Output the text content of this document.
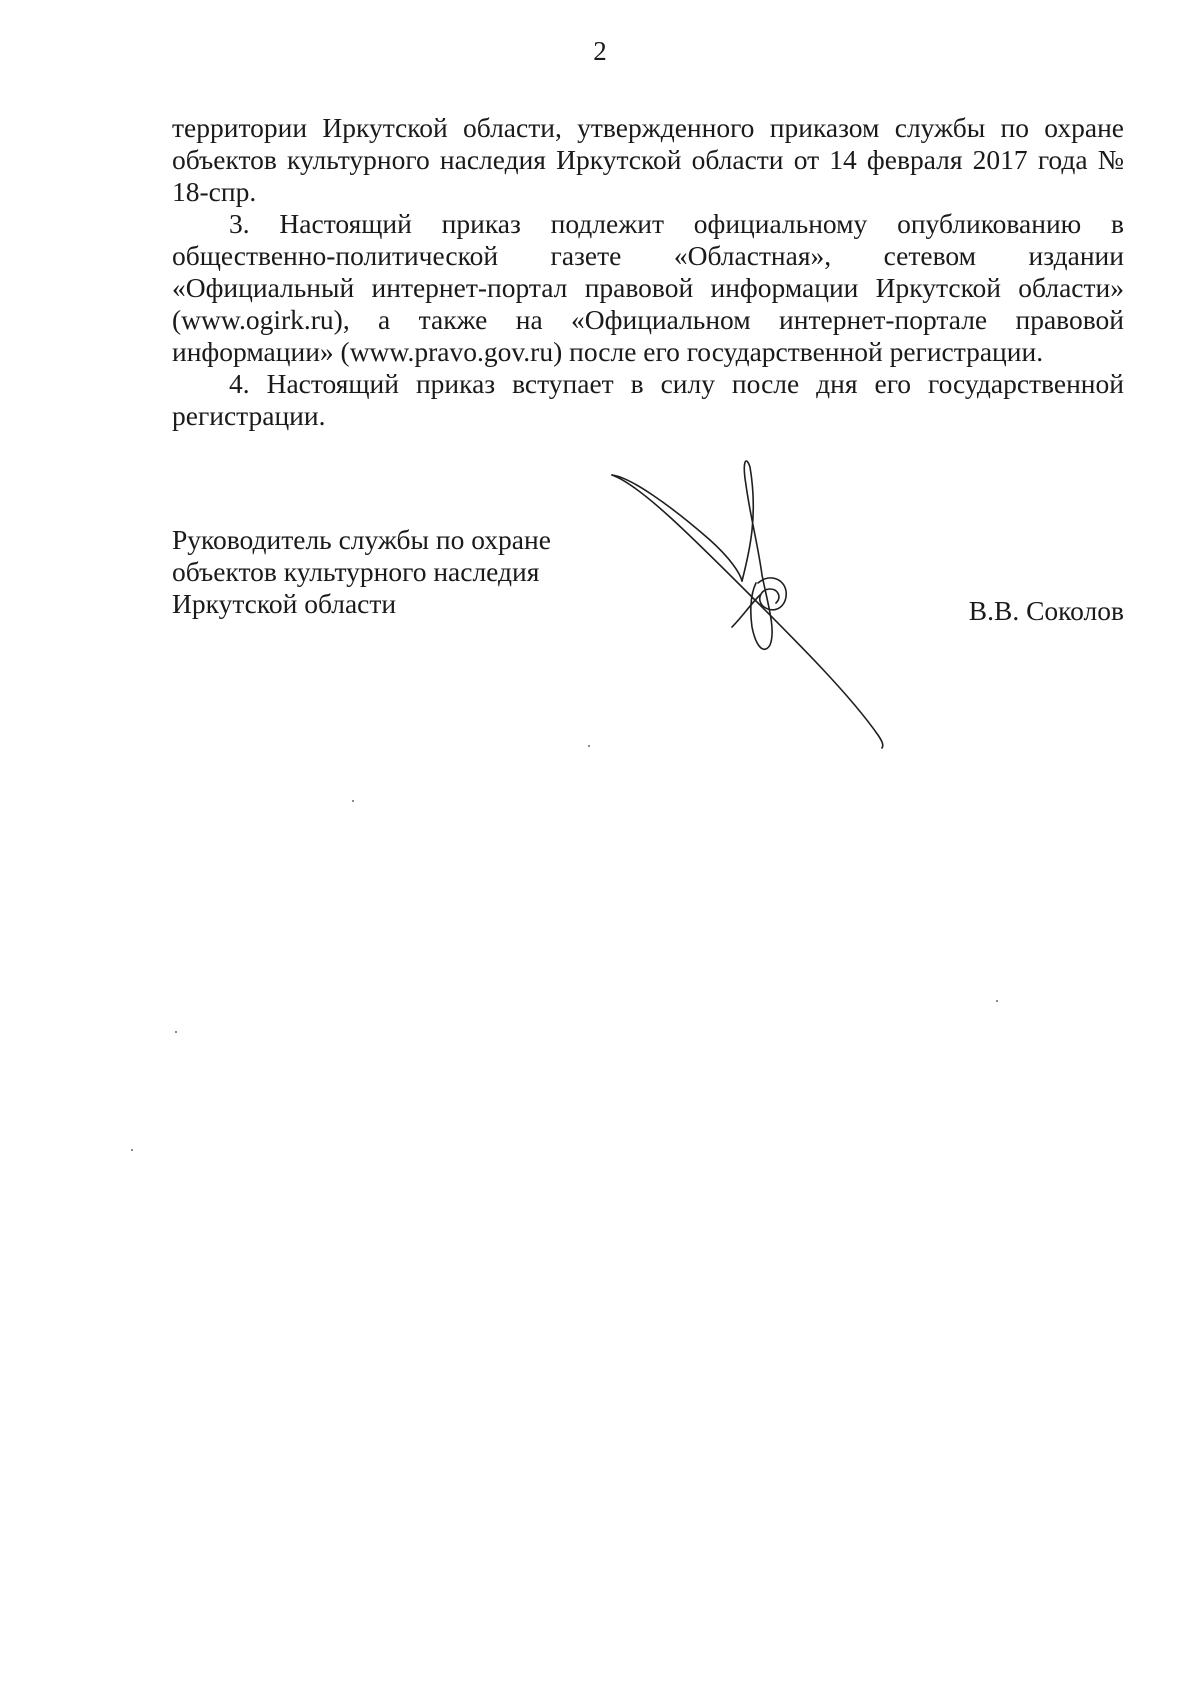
2

территории Иркутской области, утвержденного приказом службы по охране объектов культурного наследия Иркутской области от 14 февраля 2017 года № 18-спр.

3. Настоящий приказ подлежит официальному опубликованию в общественно-политической газете «Областная», сетевом издании «Официальный интернет-портал правовой информации Иркутской области» (www.ogirk.ru), а также на «Официальном интернет-портале правовой информации» (www.pravo.gov.ru) после его государственной регистрации.

4. Настоящий приказ вступает в силу после дня его государственной регистрации.

Руководитель службы по охране
объектов культурного наследия
Иркутской области	В.В. Соколов
